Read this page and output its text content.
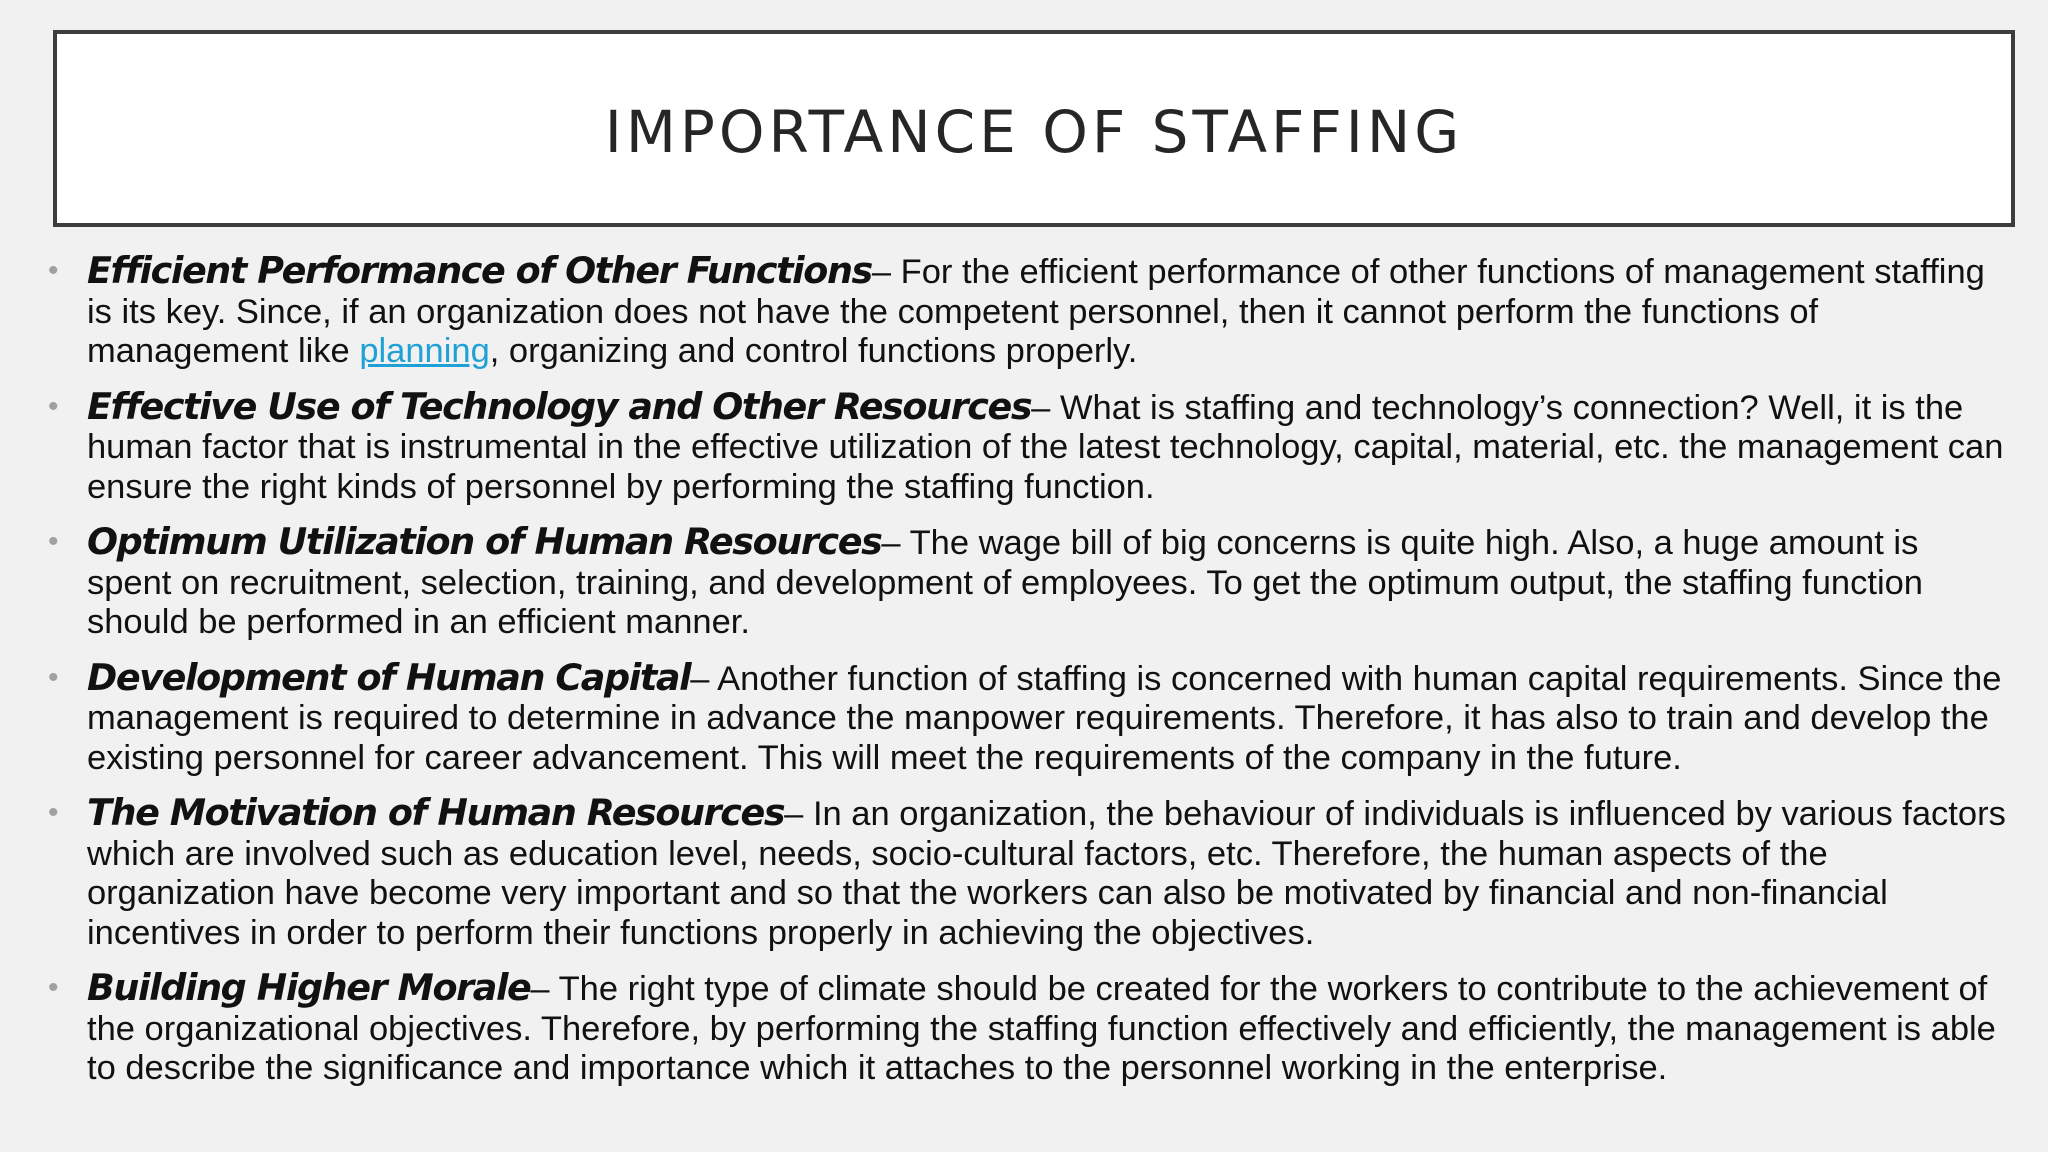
IMPORTANCE OF STAFFING
• Efficient Performance of Other Functions– For the efficient performance of other functions of management staffing is its key. Since, if an organization does not have the competent personnel, then it cannot perform the functions of management like planning, organizing and control functions properly.
• Effective Use of Technology and Other Resources– What is staffing and technology’s connection? Well, it is the human factor that is instrumental in the effective utilization of the latest technology, capital, material, etc. the management can ensure the right kinds of personnel by performing the staffing function.
• Optimum Utilization of Human Resources– The wage bill of big concerns is quite high. Also, a huge amount is spent on recruitment, selection, training, and development of employees. To get the optimum output, the staffing function should be performed in an efficient manner.
• Development of Human Capital– Another function of staffing is concerned with human capital requirements. Since the management is required to determine in advance the manpower requirements. Therefore, it has also to train and develop the existing personnel for career advancement. This will meet the requirements of the company in the future.
• The Motivation of Human Resources– In an organization, the behaviour of individuals is influenced by various factors which are involved such as education level, needs, socio-cultural factors, etc. Therefore, the human aspects of the organization have become very important and so that the workers can also be motivated by financial and non-financial incentives in order to perform their functions properly in achieving the objectives.
• Building Higher Morale– The right type of climate should be created for the workers to contribute to the achievement of the organizational objectives. Therefore, by performing the staffing function effectively and efficiently, the management is able to describe the significance and importance which it attaches to the personnel working in the enterprise.
